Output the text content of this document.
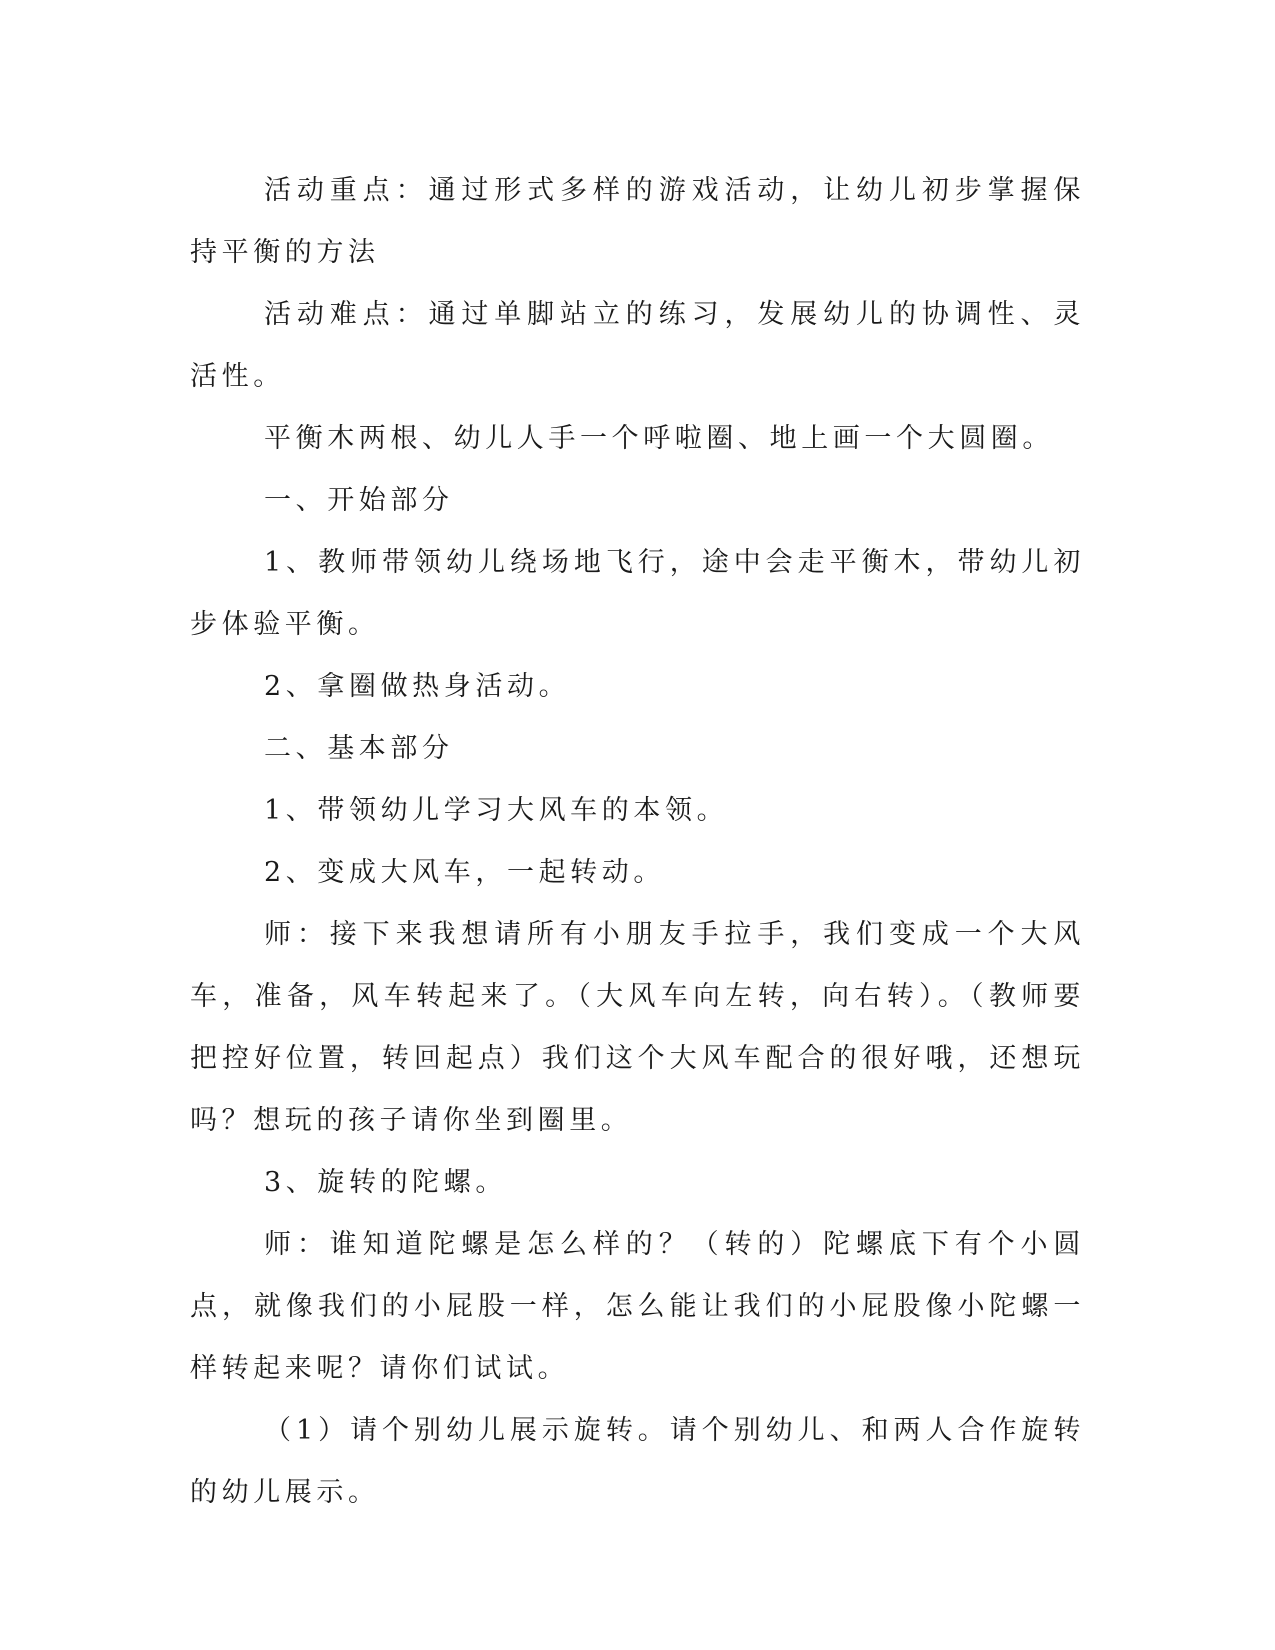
活动重点：通过形式多样的游戏活动，让幼儿初步掌握保持平衡的方法

活动难点：通过单脚站立的练习，发展幼儿的协调性、灵活性。

平衡木两根、幼儿人手一个呼啦圈、地上画一个大圆圈。

一、开始部分

1、教师带领幼儿绕场地飞行，途中会走平衡木，带幼儿初步体验平衡。

2、拿圈做热身活动。

二、基本部分

1、带领幼儿学习大风车的本领。

2、变成大风车，一起转动。

师：接下来我想请所有小朋友手拉手，我们变成一个大风车，准备，风车转起来了。（大风车向左转，向右转）。（教师要把控好位置，转回起点）我们这个大风车配合的很好哦，还想玩吗？想玩的孩子请你坐到圈里。

3、旋转的陀螺。

师：谁知道陀螺是怎么样的？（转的）陀螺底下有个小圆点，就像我们的小屁股一样，怎么能让我们的小屁股像小陀螺一样转起来呢？请你们试试。

（1）请个别幼儿展示旋转。请个别幼儿、和两人合作旋转的幼儿展示。
